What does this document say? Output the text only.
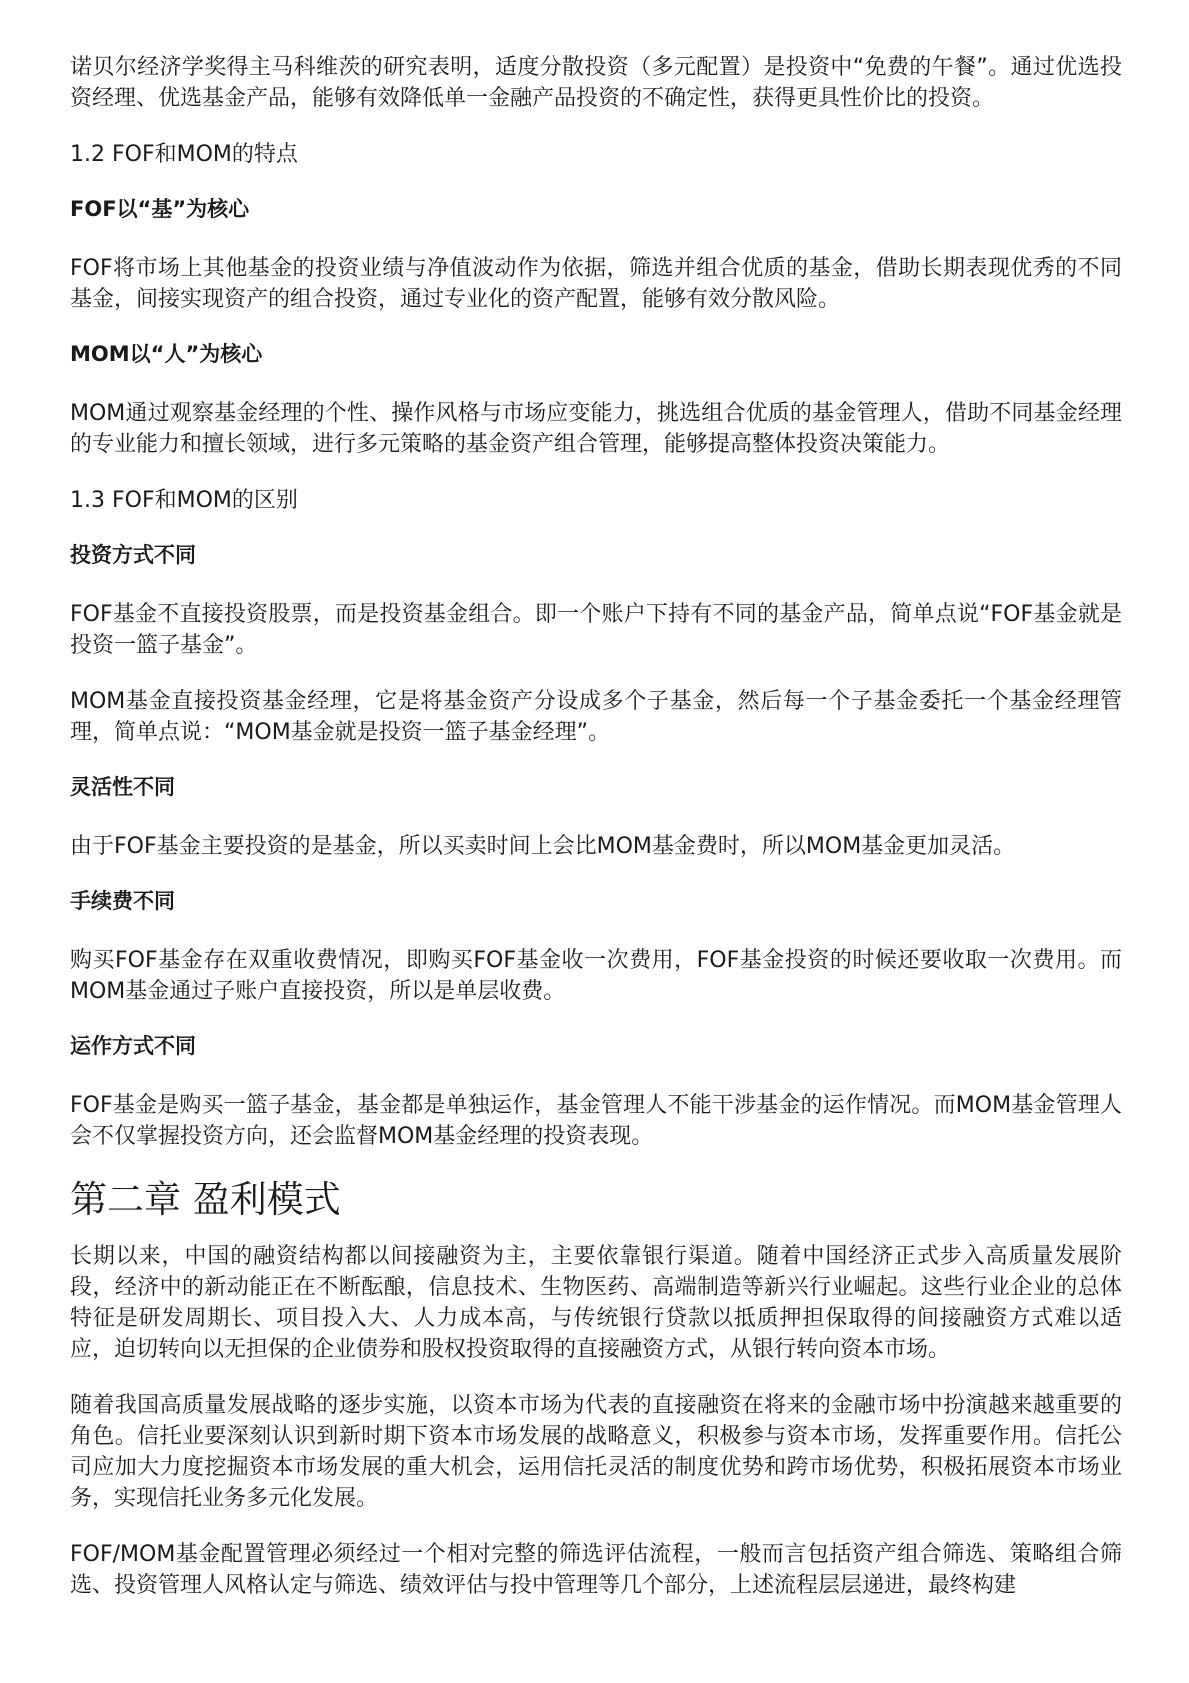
诺贝尔经济学奖得主马科维茨的研究表明，适度分散投资（多元配置）是投资中“免费的午餐”。通过优选投资经理、优选基金产品，能够有效降低单一金融产品投资的不确定性，获得更具性价比的投资。

1.2 FOF和MOM的特点
FOF以“基”为核心

FOF将市场上其他基金的投资业绩与净值波动作为依据，筛选并组合优质的基金，借助长期表现优秀的不同基金，间接实现资产的组合投资，通过专业化的资产配置，能够有效分散风险。

MOM以“人”为核心

MOM通过观察基金经理的个性、操作风格与市场应变能力，挑选组合优质的基金管理人，借助不同基金经理的专业能力和擅长领域，进行多元策略的基金资产组合管理，能够提高整体投资决策能力。

1.3 FOF和MOM的区别
投资方式不同

FOF基金不直接投资股票，而是投资基金组合。即一个账户下持有不同的基金产品，简单点说“FOF基金就是投资一篮子基金”。

MOM基金直接投资基金经理，它是将基金资产分设成多个子基金，然后每一个子基金委托一个基金经理管理，简单点说：“MOM基金就是投资一篮子基金经理”。

灵活性不同

由于FOF基金主要投资的是基金，所以买卖时间上会比MOM基金费时，所以MOM基金更加灵活。

手续费不同

购买FOF基金存在双重收费情况，即购买FOF基金收一次费用，FOF基金投资的时候还要收取一次费用。而MOM基金通过子账户直接投资，所以是单层收费。

运作方式不同

FOF基金是购买一篮子基金，基金都是单独运作，基金管理人不能干涉基金的运作情况。而MOM基金管理人会不仅掌握投资方向，还会监督MOM基金经理的投资表现。

第二章 盈利模式

长期以来，中国的融资结构都以间接融资为主，主要依靠银行渠道。随着中国经济正式步入高质量发展阶段，经济中的新动能正在不断酝酿，信息技术、生物医药、高端制造等新兴行业崛起。这些行业企业的总体特征是研发周期长、项目投入大、人力成本高，与传统银行贷款以抵质押担保取得的间接融资方式难以适应，迫切转向以无担保的企业债券和股权投资取得的直接融资方式，从银行转向资本市场。

随着我国高质量发展战略的逐步实施，以资本市场为代表的直接融资在将来的金融市场中扮演越来越重要的角色。信托业要深刻认识到新时期下资本市场发展的战略意义，积极参与资本市场，发挥重要作用。信托公司应加大力度挖掘资本市场发展的重大机会，运用信托灵活的制度优势和跨市场优势，积极拓展资本市场业务，实现信托业务多元化发展。

FOF/MOM基金配置管理必须经过一个相对完整的筛选评估流程，一般而言包括资产组合筛选、策略组合筛选、投资管理人风格认定与筛选、绩效评估与投中管理等几个部分，上述流程层层递进，最终构建
